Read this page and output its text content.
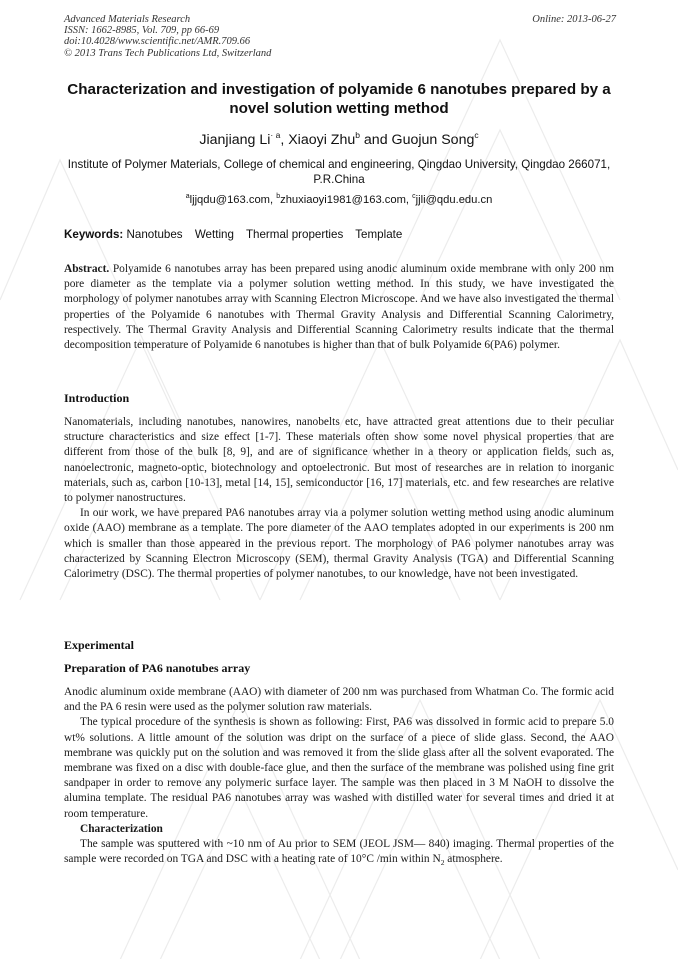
Advanced Materials Research
ISSN: 1662-8985, Vol. 709, pp 66-69
doi:10.4028/www.scientific.net/AMR.709.66
© 2013 Trans Tech Publications Ltd, Switzerland
Online: 2013-06-27
Characterization and investigation of polyamide 6 nanotubes prepared by a novel solution wetting method
Jianjiang $Li^{\cdot a}$, Xiaoyi Zhu$^b$ and Guojun Song$^c$
Institute of Polymer Materials, College of chemical and engineering, Qingdao University, Qingdao 266071, P.R.China
$^a$ljjqdu@163.com, $^b$zhuxiaoyi1981@163.com, $^c$jjli@qdu.edu.cn
Keywords: Nanotubes Wetting Thermal properties Template

Abstract. Polyamide 6 nanotubes array has been prepared using anodic aluminum oxide membrane with only 200 nm pore diameter as the template via a polymer solution wetting method. In this study, we have investigated the morphology of polymer nanotubes array with Scanning Electron Microscope. And we have also investigated the thermal properties of the Polyamide 6 nanotubes with Thermal Gravity Analysis and Differential Scanning Calorimetry, respectively. The Thermal Gravity Analysis and Differential Scanning Calorimetry results indicate that the thermal decomposition temperature of Polyamide 6 nanotubes is higher than that of bulk Polyamide 6(PA6) polymer.

Introduction

Nanomaterials, including nanotubes, nanowires, nanobelts etc, have attracted great attentions due to their peculiar structure characteristics and size effect [1-7]. These materials often show some novel physical properties that are different from those of the bulk [8, 9], and are of significance whether in a theory or application fields, such as, nanoelectronic, magneto-optic, biotechnology and optoelectronic. But most of researches are in relation to inorganic materials, such as, carbon [10-13], metal [14, 15], semiconductor [16, 17] materials, etc. and few researches are relative to polymer nanostructures.

In our work, we have prepared PA6 nanotubes array via a polymer solution wetting method using anodic aluminum oxide (AAO) membrane as a template. The pore diameter of the AAO templates adopted in our experiments is 200 nm which is smaller than those appeared in the previous report. The morphology of PA6 polymer nanotubes array was characterized by Scanning Electron Microscopy (SEM), thermal Gravity Analysis (TGA) and Differential Scanning Calorimetry (DSC). The thermal properties of polymer nanotubes, to our knowledge, have not been investigated.

Experimental
Preparation of PA6 nanotubes array

Anodic aluminum oxide membrane (AAO) with diameter of 200 nm was purchased from Whatman Co. The formic acid and the PA 6 resin were used as the polymer solution raw materials.

The typical procedure of the synthesis is shown as following: First, PA6 was dissolved in formic acid to prepare 5.0 wt% solutions. A little amount of the solution was dript on the surface of a piece of slide glass. Second, the AAO membrane was quickly put on the solution and was removed it from the slide glass after all the solvent evaporated. The membrane was fixed on a disc with double-face glue, and then the surface of the membrane was polished using fine grit sandpaper in order to remove any polymeric surface layer. The sample was then placed in 3 M NaOH to dissolve the alumina template. The residual PA6 nanotubes array was washed with distilled water for several times and dried it at room temperature.

Characterization

The sample was sputtered with ~10 nm of Au prior to SEM (JEOL JSM— 840) imaging. Thermal properties of the sample were recorded on TGA and DSC with a heating rate of 10°C /min within $N_2$ atmosphere.
